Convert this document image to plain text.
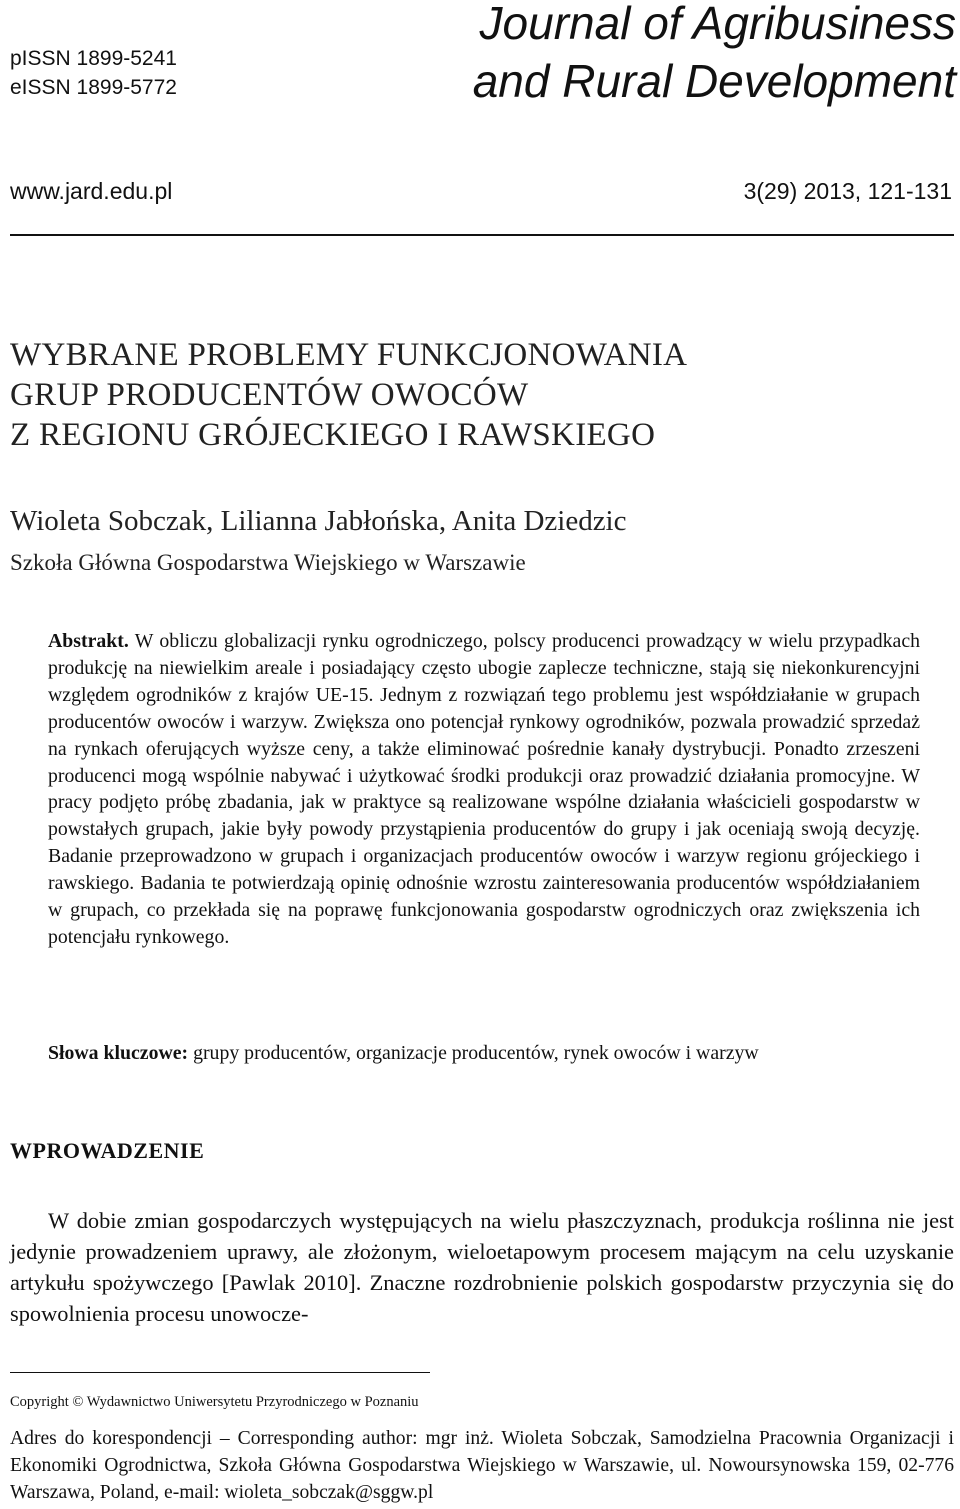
pISSN 1899-5241
eISSN 1899-5772
Journal of Agribusiness
and Rural Development
www.jard.edu.pl	3(29) 2013, 121-131
WYBRANE PROBLEMY FUNKCJONOWANIA
GRUP PRODUCENTÓW OWOCÓW
Z REGIONU GRÓJECKIEGO I RAWSKIEGO
Wioleta Sobczak, Lilianna Jabłońska, Anita Dziedzic
Szkoła Główna Gospodarstwa Wiejskiego w Warszawie

Abstrakt. W obliczu globalizacji rynku ogrodniczego, polscy producenci prowadzący w wielu przypadkach produkcję na niewielkim areale i posiadający często ubogie zaplecze techniczne, stają się niekonkurencyjni względem ogrodników z krajów UE-15. Jednym z rozwiązań tego problemu jest współdziałanie w grupach producentów owoców i warzyw. Zwiększa ono potencjał rynkowy ogrodników, pozwala prowadzić sprzedaż na rynkach oferujących wyższe ceny, a także eliminować pośrednie kanały dystrybucji. Ponadto zrzeszeni producenci mogą wspólnie nabywać i użytkować środki produkcji oraz prowadzić działania promocyjne. W pracy podjęto próbę zbadania, jak w praktyce są realizowane wspólne działania właścicieli gospodarstw w powstałych grupach, jakie były powody przystąpienia producentów do grupy i jak oceniają swoją decyzję. Badanie przeprowadzono w grupach i organizacjach producentów owoców i warzyw regionu grójeckiego i rawskiego. Badania te potwierdzają opinię odnośnie wzrostu zainteresowania producentów współdziałaniem w grupach, co przekłada się na poprawę funkcjonowania gospodarstw ogrodniczych oraz zwiększenia ich potencjału rynkowego.

Słowa kluczowe: grupy producentów, organizacje producentów, rynek owoców i warzyw

WPROWADZENIE

W dobie zmian gospodarczych występujących na wielu płaszczyznach, produkcja roślinna nie jest jedynie prowadzeniem uprawy, ale złożonym, wieloetapowym procesem mającym na celu uzyskanie artykułu spożywczego [Pawlak 2010]. Znaczne rozdrobnienie polskich gospodarstw przyczynia się do spowolnienia procesu unowocze-

Copyright © Wydawnictwo Uniwersytetu Przyrodniczego w Poznaniu

Adres do korespondencji – Corresponding author: mgr inż. Wioleta Sobczak, Samodzielna Pracownia Organizacji i Ekonomiki Ogrodnictwa, Szkoła Główna Gospodarstwa Wiejskiego w Warszawie, ul. Nowoursynowska 159, 02-776 Warszawa, Poland, e-mail: wioleta_sobczak@sggw.pl
